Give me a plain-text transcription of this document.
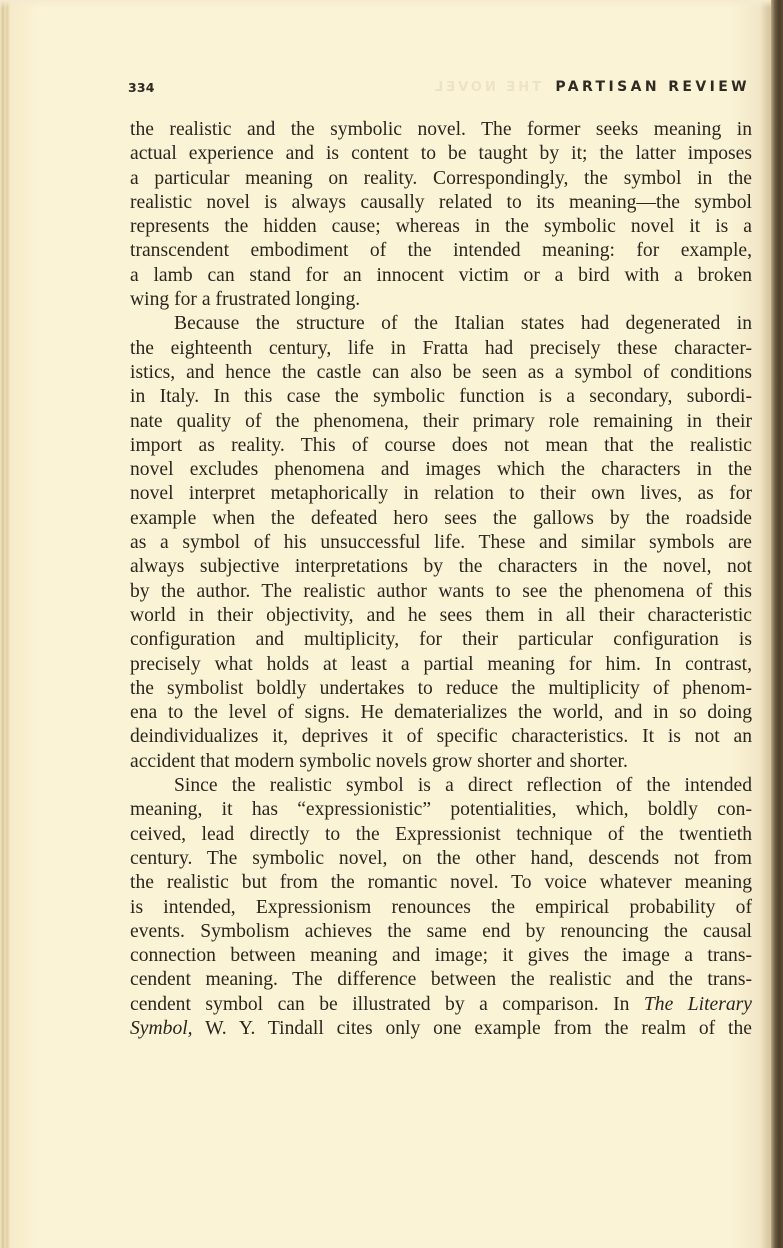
THE NOVEL
334	PARTISAN REVIEW
the realistic and the symbolic novel. The former seeks meaning in
actual experience and is content to be taught by it; the latter imposes
a particular meaning on reality. Correspondingly, the symbol in the
realistic novel is always causally related to its meaning—the symbol
represents the hidden cause; whereas in the symbolic novel it is a
transcendent embodiment of the intended meaning: for example,
a lamb can stand for an innocent victim or a bird with a broken
wing for a frustrated longing.
Because the structure of the Italian states had degenerated in
the eighteenth century, life in Fratta had precisely these character-
istics, and hence the castle can also be seen as a symbol of conditions
in Italy. In this case the symbolic function is a secondary, subordi-
nate quality of the phenomena, their primary role remaining in their
import as reality. This of course does not mean that the realistic
novel excludes phenomena and images which the characters in the
novel interpret metaphorically in relation to their own lives, as for
example when the defeated hero sees the gallows by the roadside
as a symbol of his unsuccessful life. These and similar symbols are
always subjective interpretations by the characters in the novel, not
by the author. The realistic author wants to see the phenomena of this
world in their objectivity, and he sees them in all their characteristic
configuration and multiplicity, for their particular configuration is
precisely what holds at least a partial meaning for him. In contrast,
the symbolist boldly undertakes to reduce the multiplicity of phenom-
ena to the level of signs. He dematerializes the world, and in so doing
deindividualizes it, deprives it of specific characteristics. It is not an
accident that modern symbolic novels grow shorter and shorter.
Since the realistic symbol is a direct reflection of the intended
meaning, it has “expressionistic” potentialities, which, boldly con-
ceived, lead directly to the Expressionist technique of the twentieth
century. The symbolic novel, on the other hand, descends not from
the realistic but from the romantic novel. To voice whatever meaning
is intended, Expressionism renounces the empirical probability of
events. Symbolism achieves the same end by renouncing the causal
connection between meaning and image; it gives the image a trans-
cendent meaning. The difference between the realistic and the trans-
cendent symbol can be illustrated by a comparison. In The Literary
Symbol, W. Y. Tindall cites only one example from the realm of the
